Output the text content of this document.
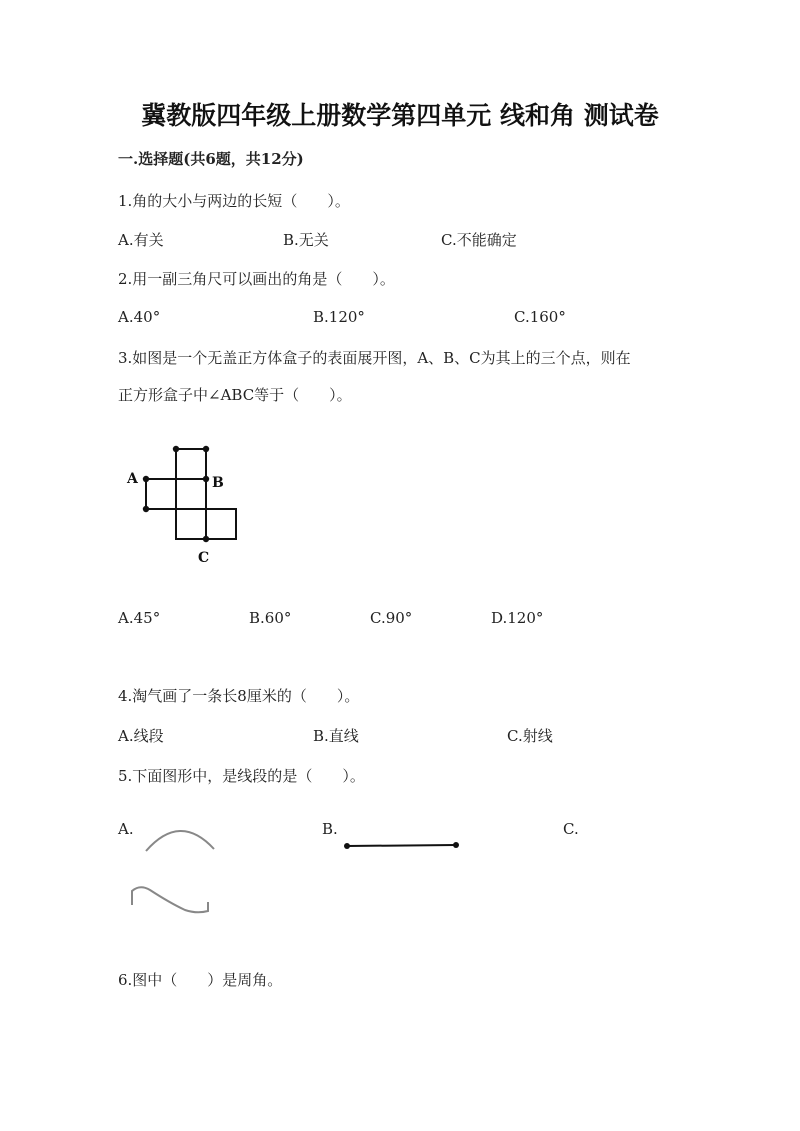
冀教版四年级上册数学第四单元 线和角 测试卷
一.选择题(共6题，共12分)
1.角的大小与两边的长短（　　）。
A.有关	B.无关	C.不能确定
2.用一副三角尺可以画出的角是（　　）。
A.40°	B.120°	C.160°
3.如图是一个无盖正方体盒子的表面展开图，A、B、C为其上的三个点，则在
正方形盒子中∠ABC等于（　　）。
A	B
C
A.45°	B.60°	C.90°	D.120°
4.淘气画了一条长8厘米的（　　）。
A.线段	B.直线	C.射线
5.下面图形中，是线段的是（　　）。
A.	B.	C.
6.图中（　　）是周角。
